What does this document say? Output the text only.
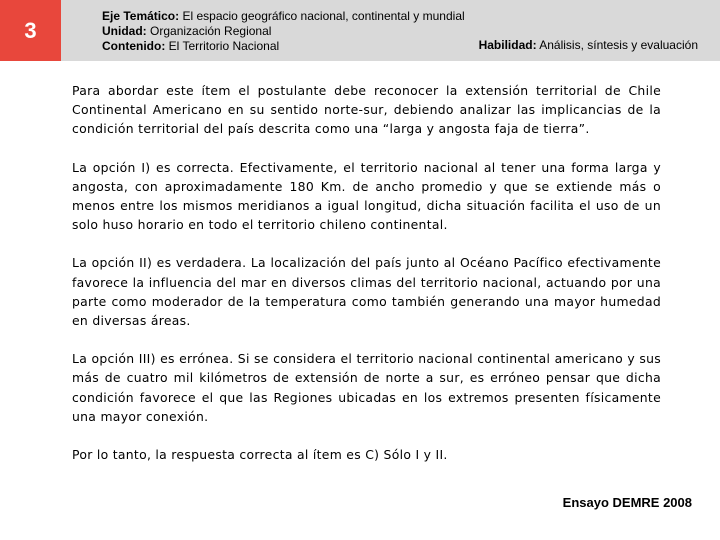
3
Eje Temático: El espacio geográfico nacional, continental y mundial
Unidad: Organización Regional
Contenido: El Territorio Nacional	Habilidad: Análisis, síntesis y evaluación

Para abordar este ítem el postulante debe reconocer la extensión territorial de Chile Continental Americano en su sentido norte-sur, debiendo analizar las implicancias de la condición territorial del país descrita como una “larga y angosta faja de tierra”.

La opción I) es correcta. Efectivamente, el territorio nacional al tener una forma larga y angosta, con aproximadamente 180 Km. de ancho promedio y que se extiende más o menos entre los mismos meridianos a igual longitud, dicha situación facilita el uso de un solo huso horario en todo el territorio chileno continental.

La opción II) es verdadera. La localización del país junto al Océano Pacífico efectivamente favorece la influencia del mar en diversos climas del territorio nacional, actuando por una parte como moderador de la temperatura como también generando una mayor humedad en diversas áreas.

La opción III) es errónea. Si se considera el territorio nacional continental americano y sus más de cuatro mil kilómetros de extensión de norte a sur, es erróneo pensar que dicha condición favorece el que las Regiones ubicadas en los extremos presenten físicamente una mayor conexión.

Por lo tanto, la respuesta correcta al ítem es C) Sólo I y II.

Ensayo DEMRE 2008
